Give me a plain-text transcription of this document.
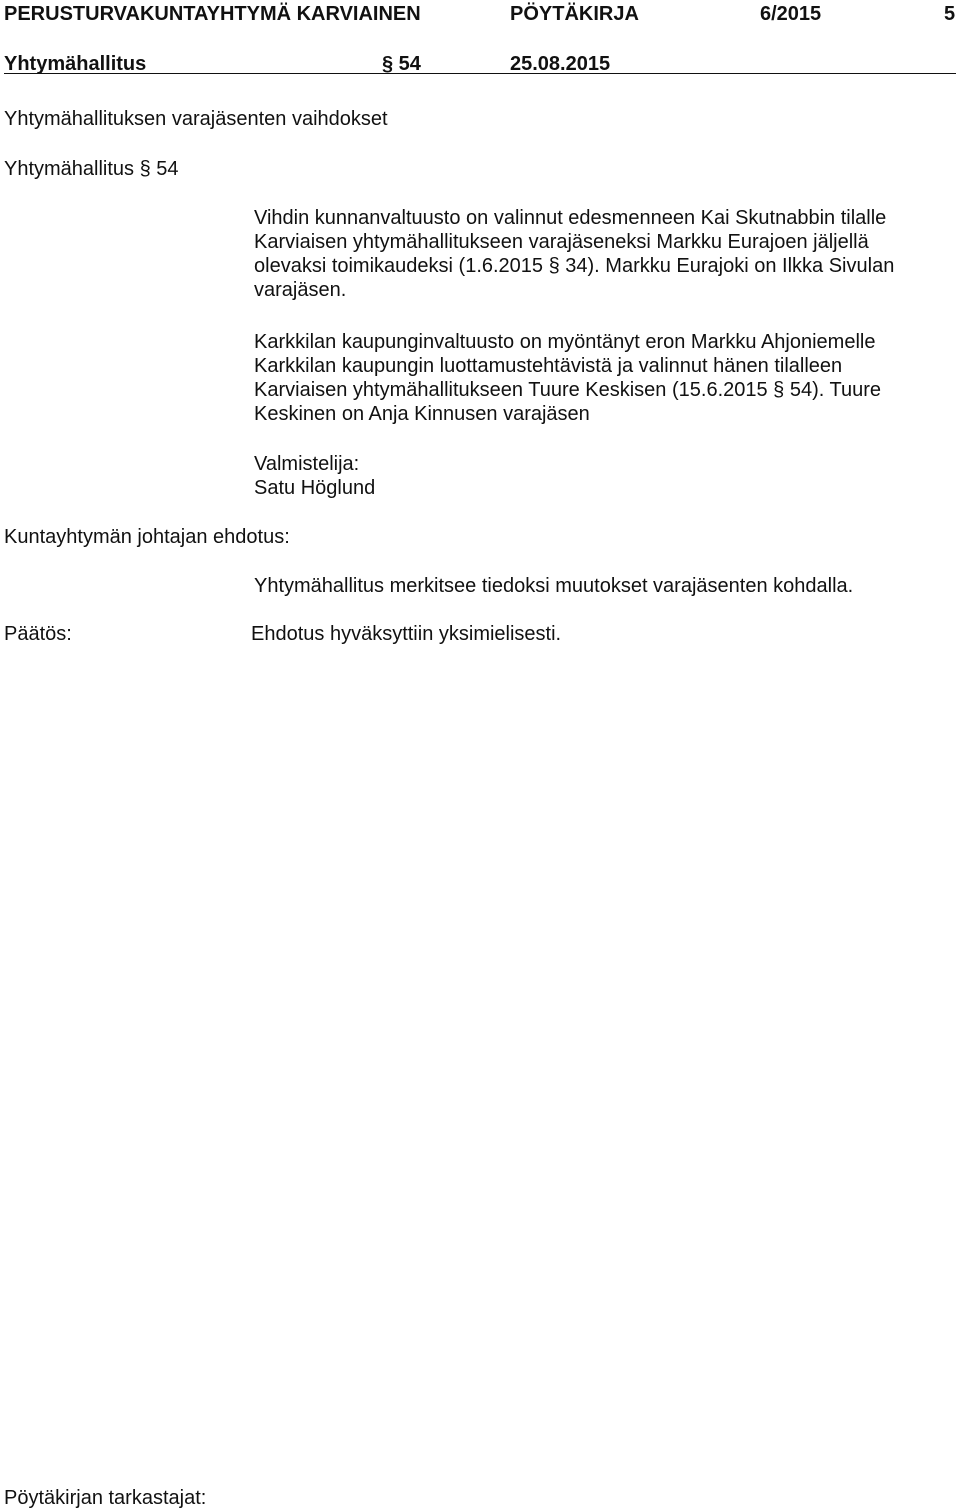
PERUSTURVAKUNTAYHTYMÄ KARVIAINEN	PÖYTÄKIRJA	6/2015	5
Yhtymähallitus	§ 54	25.08.2015
Yhtymähallituksen varajäsenten vaihdokset
Yhtymähallitus § 54
Vihdin kunnanvaltuusto on valinnut edesmenneen Kai Skutnabbin tilalle
Karviaisen yhtymähallitukseen varajäseneksi Markku Eurajoen jäljellä
olevaksi toimikaudeksi (1.6.2015 § 34). Markku Eurajoki on Ilkka Sivulan
varajäsen.
Karkkilan kaupunginvaltuusto on myöntänyt eron Markku Ahjoniemelle
Karkkilan kaupungin luottamustehtävistä ja valinnut hänen tilalleen
Karviaisen yhtymähallitukseen Tuure Keskisen (15.6.2015 § 54). Tuure
Keskinen on Anja Kinnusen varajäsen
Valmistelija:
Satu Höglund
Kuntayhtymän johtajan ehdotus:
Yhtymähallitus merkitsee tiedoksi muutokset varajäsenten kohdalla.
Päätös:	Ehdotus hyväksyttiin yksimielisesti.
Pöytäkirjan tarkastajat:
